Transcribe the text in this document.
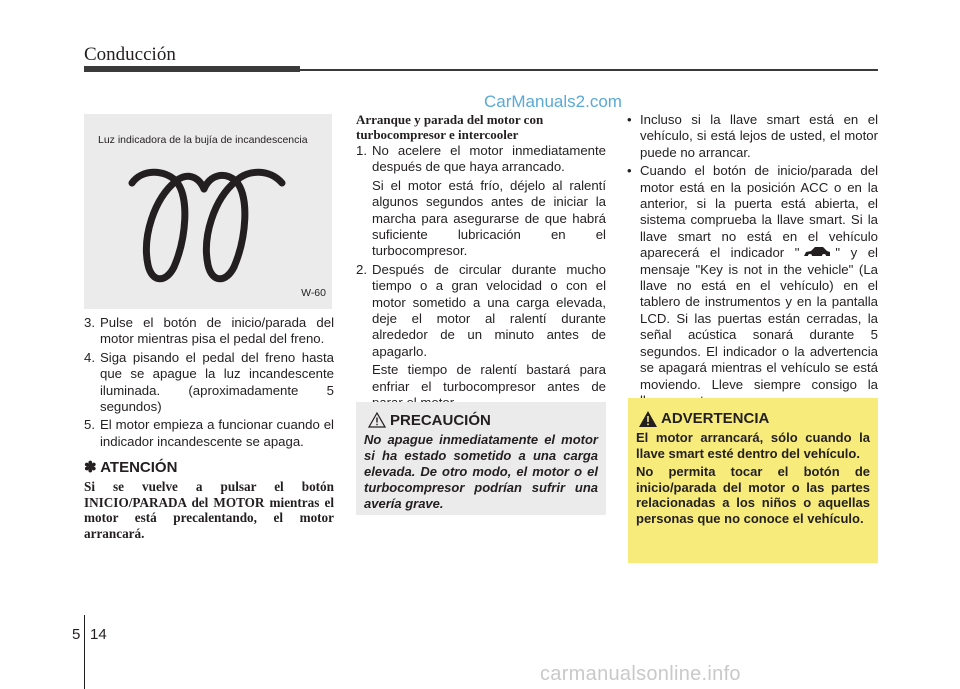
Conducción
CarManuals2.com
Luz indicadora de la bujía de incandescencia
W-60
3. Pulse el botón de inicio/parada del motor mientras pisa el pedal del freno.
4. Siga pisando el pedal del freno hasta que se apague la luz incandescente iluminada. (aproximadamente 5 segundos)
5. El motor empieza a funcionar cuando el indicador incandescente se apaga.
✽ ATENCIÓN
Si se vuelve a pulsar el botón INICIO/PARADA del MOTOR mientras el motor está precalentando, el motor arrancará.
Arranque y parada del motor con turbocompresor e intercooler
1. No acelere el motor inmediatamente después de que haya arrancado.
Si el motor está frío, déjelo al ralentí algunos segundos antes de iniciar la marcha para asegurarse de que habrá suficiente lubricación en el turbocompresor.
2. Después de circular durante mucho tiempo o a gran velocidad o con el motor sometido a una carga elevada, deje el motor al ralentí durante alrededor de un minuto antes de apagarlo.
Este tiempo de ralentí bastará para enfriar el turbocompresor antes de
PRECAUCIÓN
No apague inmediatamente el motor si ha estado sometido a una carga elevada. De otro modo, el motor o el turbocompresor podrían sufrir una avería grave.
• Incluso si la llave smart está en el vehículo, si está lejos de usted, el motor puede no arrancar.
• Cuando el botón de inicio/parada del motor está en la posición ACC o en la anterior, si la puerta está abierta, el sistema comprueba la llave smart. Si la llave smart no está en el vehículo aparecerá el indicador "	" y el mensaje "Key is not in the vehicle" (La llave no está en el vehículo) en el tablero de instrumentos y en la pantalla LCD. Si las puertas están cerradas, la señal acústica sonará durante 5 segundos. El indicador o la advertencia se apagará mientras el vehículo se está moviendo. Lleve siempre consigo la
ADVERTENCIA

El motor arrancará, sólo cuando la llave smart esté dentro del vehículo.

No permita tocar el botón de inicio/parada del motor o las partes relacionadas a los niños o aquellas personas que no conoce el vehículo.

5 14
carmanualsonline.info
